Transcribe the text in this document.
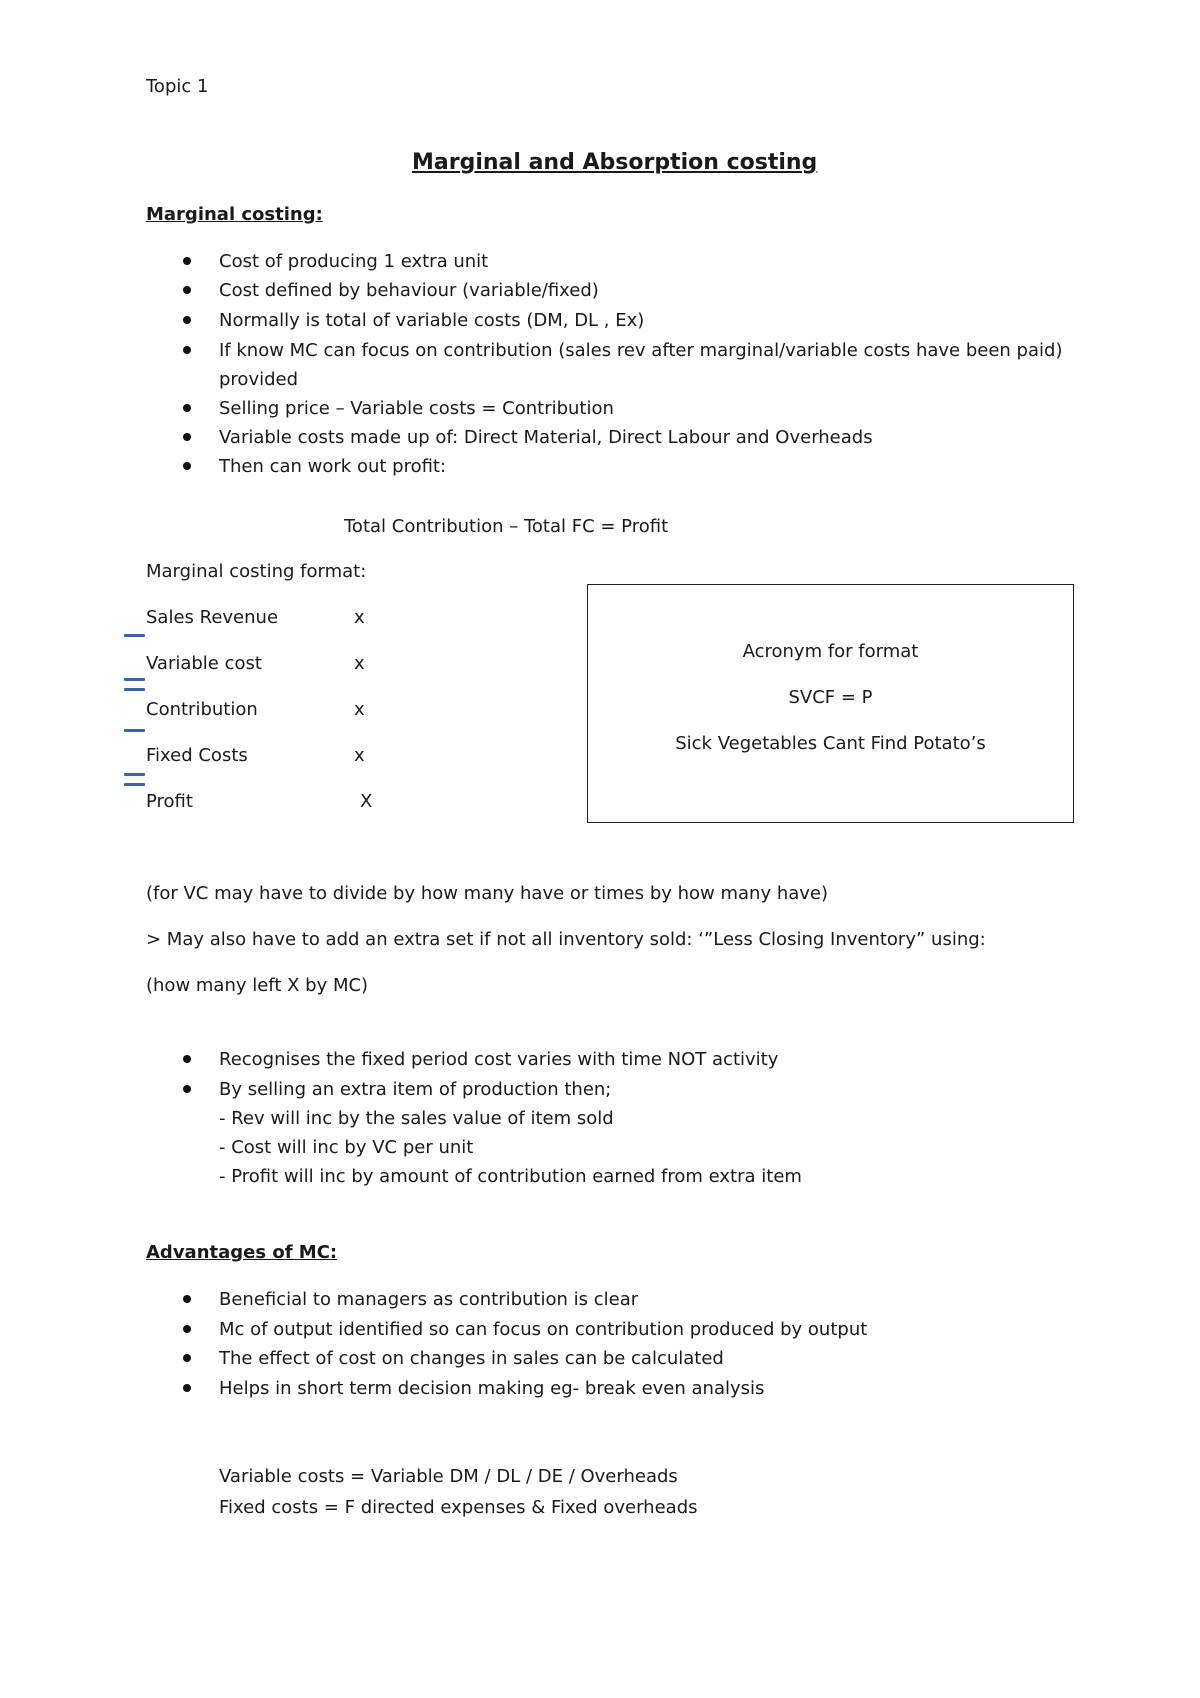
Topic 1
Marginal and Absorption costing
Marginal costing:
Cost of producing 1 extra unit
Cost defined by behaviour (variable/fixed)
Normally is total of variable costs (DM, DL , Ex)
If know MC can focus on contribution (sales rev after marginal/variable costs have been paid)
provided
Selling price – Variable costs = Contribution
Variable costs made up of: Direct Material, Direct Labour and Overheads
Then can work out profit:
Total Contribution – Total FC = Profit
Marginal costing format:
Sales Revenue	x
Variable cost	x
Contribution	x
Fixed Costs	x
Profit	X
Acronym for format
SVCF = P
Sick Vegetables Cant Find Potato’s
(for VC may have to divide by how many have or times by how many have)
> May also have to add an extra set if not all inventory sold: ‘”Less Closing Inventory” using:
(how many left X by MC)
Recognises the fixed period cost varies with time NOT activity
By selling an extra item of production then;
- Rev will inc by the sales value of item sold
- Cost will inc by VC per unit
- Profit will inc by amount of contribution earned from extra item
Advantages of MC:
Beneficial to managers as contribution is clear
Mc of output identified so can focus on contribution produced by output
The effect of cost on changes in sales can be calculated
Helps in short term decision making eg- break even analysis
Variable costs = Variable DM / DL / DE / Overheads
Fixed costs = F directed expenses & Fixed overheads
